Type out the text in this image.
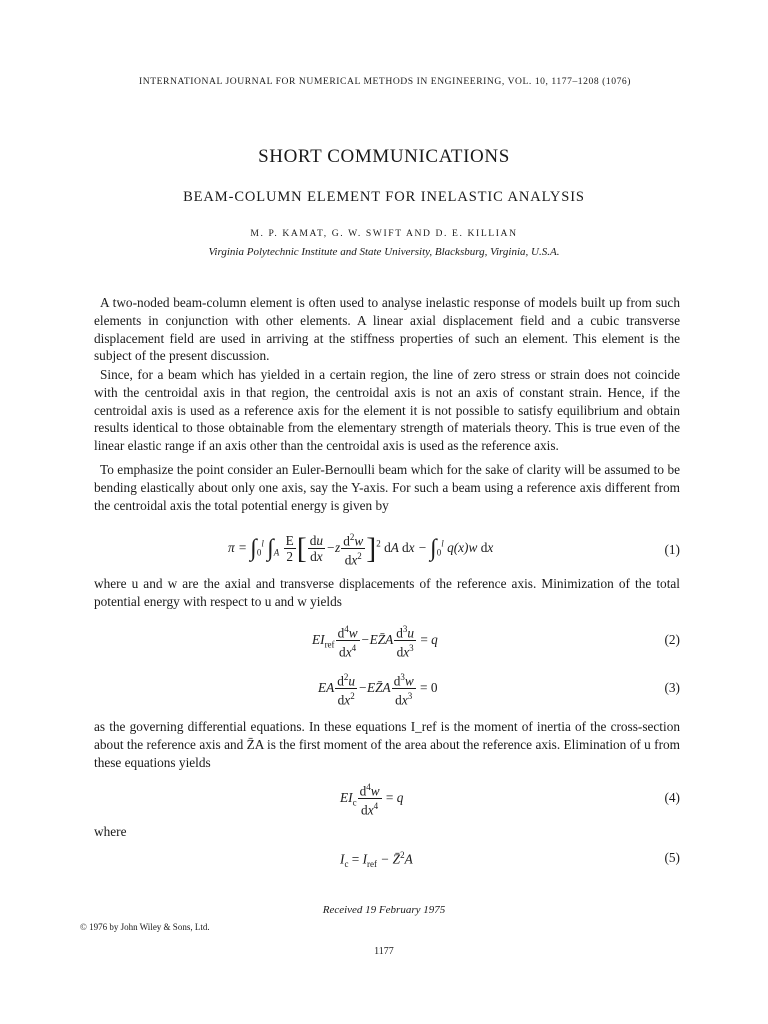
INTERNATIONAL JOURNAL FOR NUMERICAL METHODS IN ENGINEERING, VOL. 10, 1177–1208 (1076)
SHORT COMMUNICATIONS
BEAM-COLUMN ELEMENT FOR INELASTIC ANALYSIS
M. P. KAMAT, G. W. SWIFT AND D. E. KILLIAN
Virginia Polytechnic Institute and State University, Blacksburg, Virginia, U.S.A.
A two-noded beam-column element is often used to analyse inelastic response of models built up from such elements in conjunction with other elements. A linear axial displacement field and a cubic transverse displacement field are used in arriving at the stiffness properties of such an element. This element is the subject of the present discussion.
Since, for a beam which has yielded in a certain region, the line of zero stress or strain does not coincide with the centroidal axis in that region, the centroidal axis is not an axis of constant strain. Hence, if the centroidal axis is used as a reference axis for the element it is not possible to satisfy equilibrium and obtain results identical to those obtainable from the elementary strength of materials theory. This is true even of the linear elastic range if an axis other than the centroidal axis is used as the reference axis.
To emphasize the point consider an Euler-Bernoulli beam which for the sake of clarity will be assumed to be bending elastically about only one axis, say the Y-axis. For such a beam using a reference axis different from the centroidal axis the total potential energy is given by
$\pi = \int_0^l$ $\int_A \frac{E}{2}$ [ $\frac{du}{dx} -z \frac{d^2w}{dx^2} ]^2$ dA dx − $\int_0^l$ q(x)w dx	(1)
where u and w are the axial and transverse displacements of the reference axis. Minimization of the total potential energy with respect to u and w yields
$EI_{ref} \frac{d^4w}{dx^4}$ −EZ̄A $\frac{d^3u}{dx^3} = q$	(2)
EA $\frac{d^2u}{dx^2}$ −EZ̄A $\frac{d^3w}{dx^3} = 0$	(3)
as the governing differential equations. In these equations I_ref is the moment of inertia of the cross-section about the reference axis and Z̄A is the first moment of the area about the reference axis. Elimination of u from these equations yields
$EI_c \frac{d^4w}{dx^4} = q$	(4)
where
$I_c = I_{ref}$ − Z̄$^2$A	(5)
Received 19 February 1975
© 1976 by John Wiley & Sons, Ltd.
1177
